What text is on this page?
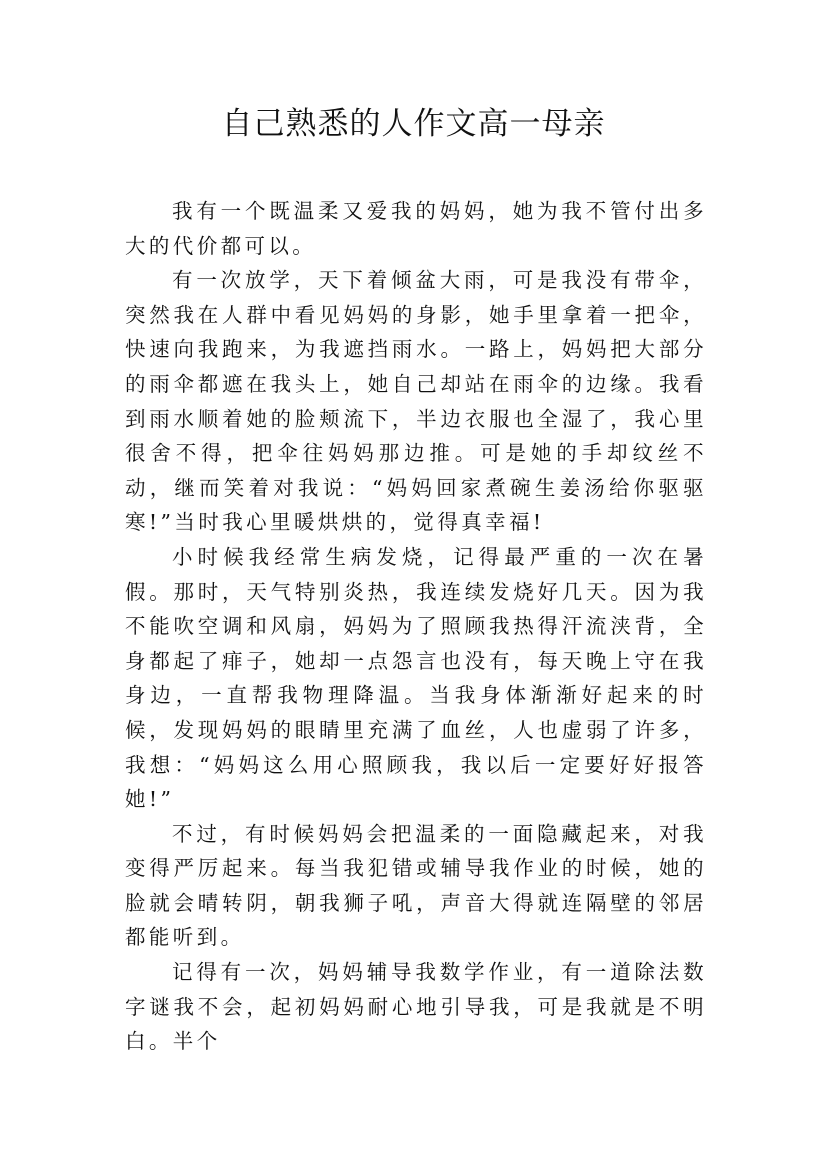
自己熟悉的人作文高一母亲

我有一个既温柔又爱我的妈妈，她为我不管付出多大的代价都可以。

有一次放学，天下着倾盆大雨，可是我没有带伞，突然我在人群中看见妈妈的身影，她手里拿着一把伞，快速向我跑来，为我遮挡雨水。一路上，妈妈把大部分的雨伞都遮在我头上，她自己却站在雨伞的边缘。我看到雨水顺着她的脸颊流下，半边衣服也全湿了，我心里很舍不得，把伞往妈妈那边推。可是她的手却纹丝不动，继而笑着对我说：“妈妈回家煮碗生姜汤给你驱驱寒!”当时我心里暖烘烘的，觉得真幸福!

小时候我经常生病发烧，记得最严重的一次在暑假。那时，天气特别炎热，我连续发烧好几天。因为我不能吹空调和风扇，妈妈为了照顾我热得汗流浃背，全身都起了痱子，她却一点怨言也没有，每天晚上守在我身边，一直帮我物理降温。当我身体渐渐好起来的时候，发现妈妈的眼睛里充满了血丝，人也虚弱了许多，我想：“妈妈这么用心照顾我，我以后一定要好好报答她!”

不过，有时候妈妈会把温柔的一面隐藏起来，对我变得严厉起来。每当我犯错或辅导我作业的时候，她的脸就会晴转阴，朝我狮子吼，声音大得就连隔壁的邻居都能听到。

记得有一次，妈妈辅导我数学作业，有一道除法数字谜我不会，起初妈妈耐心地引导我，可是我就是不明白。半个
